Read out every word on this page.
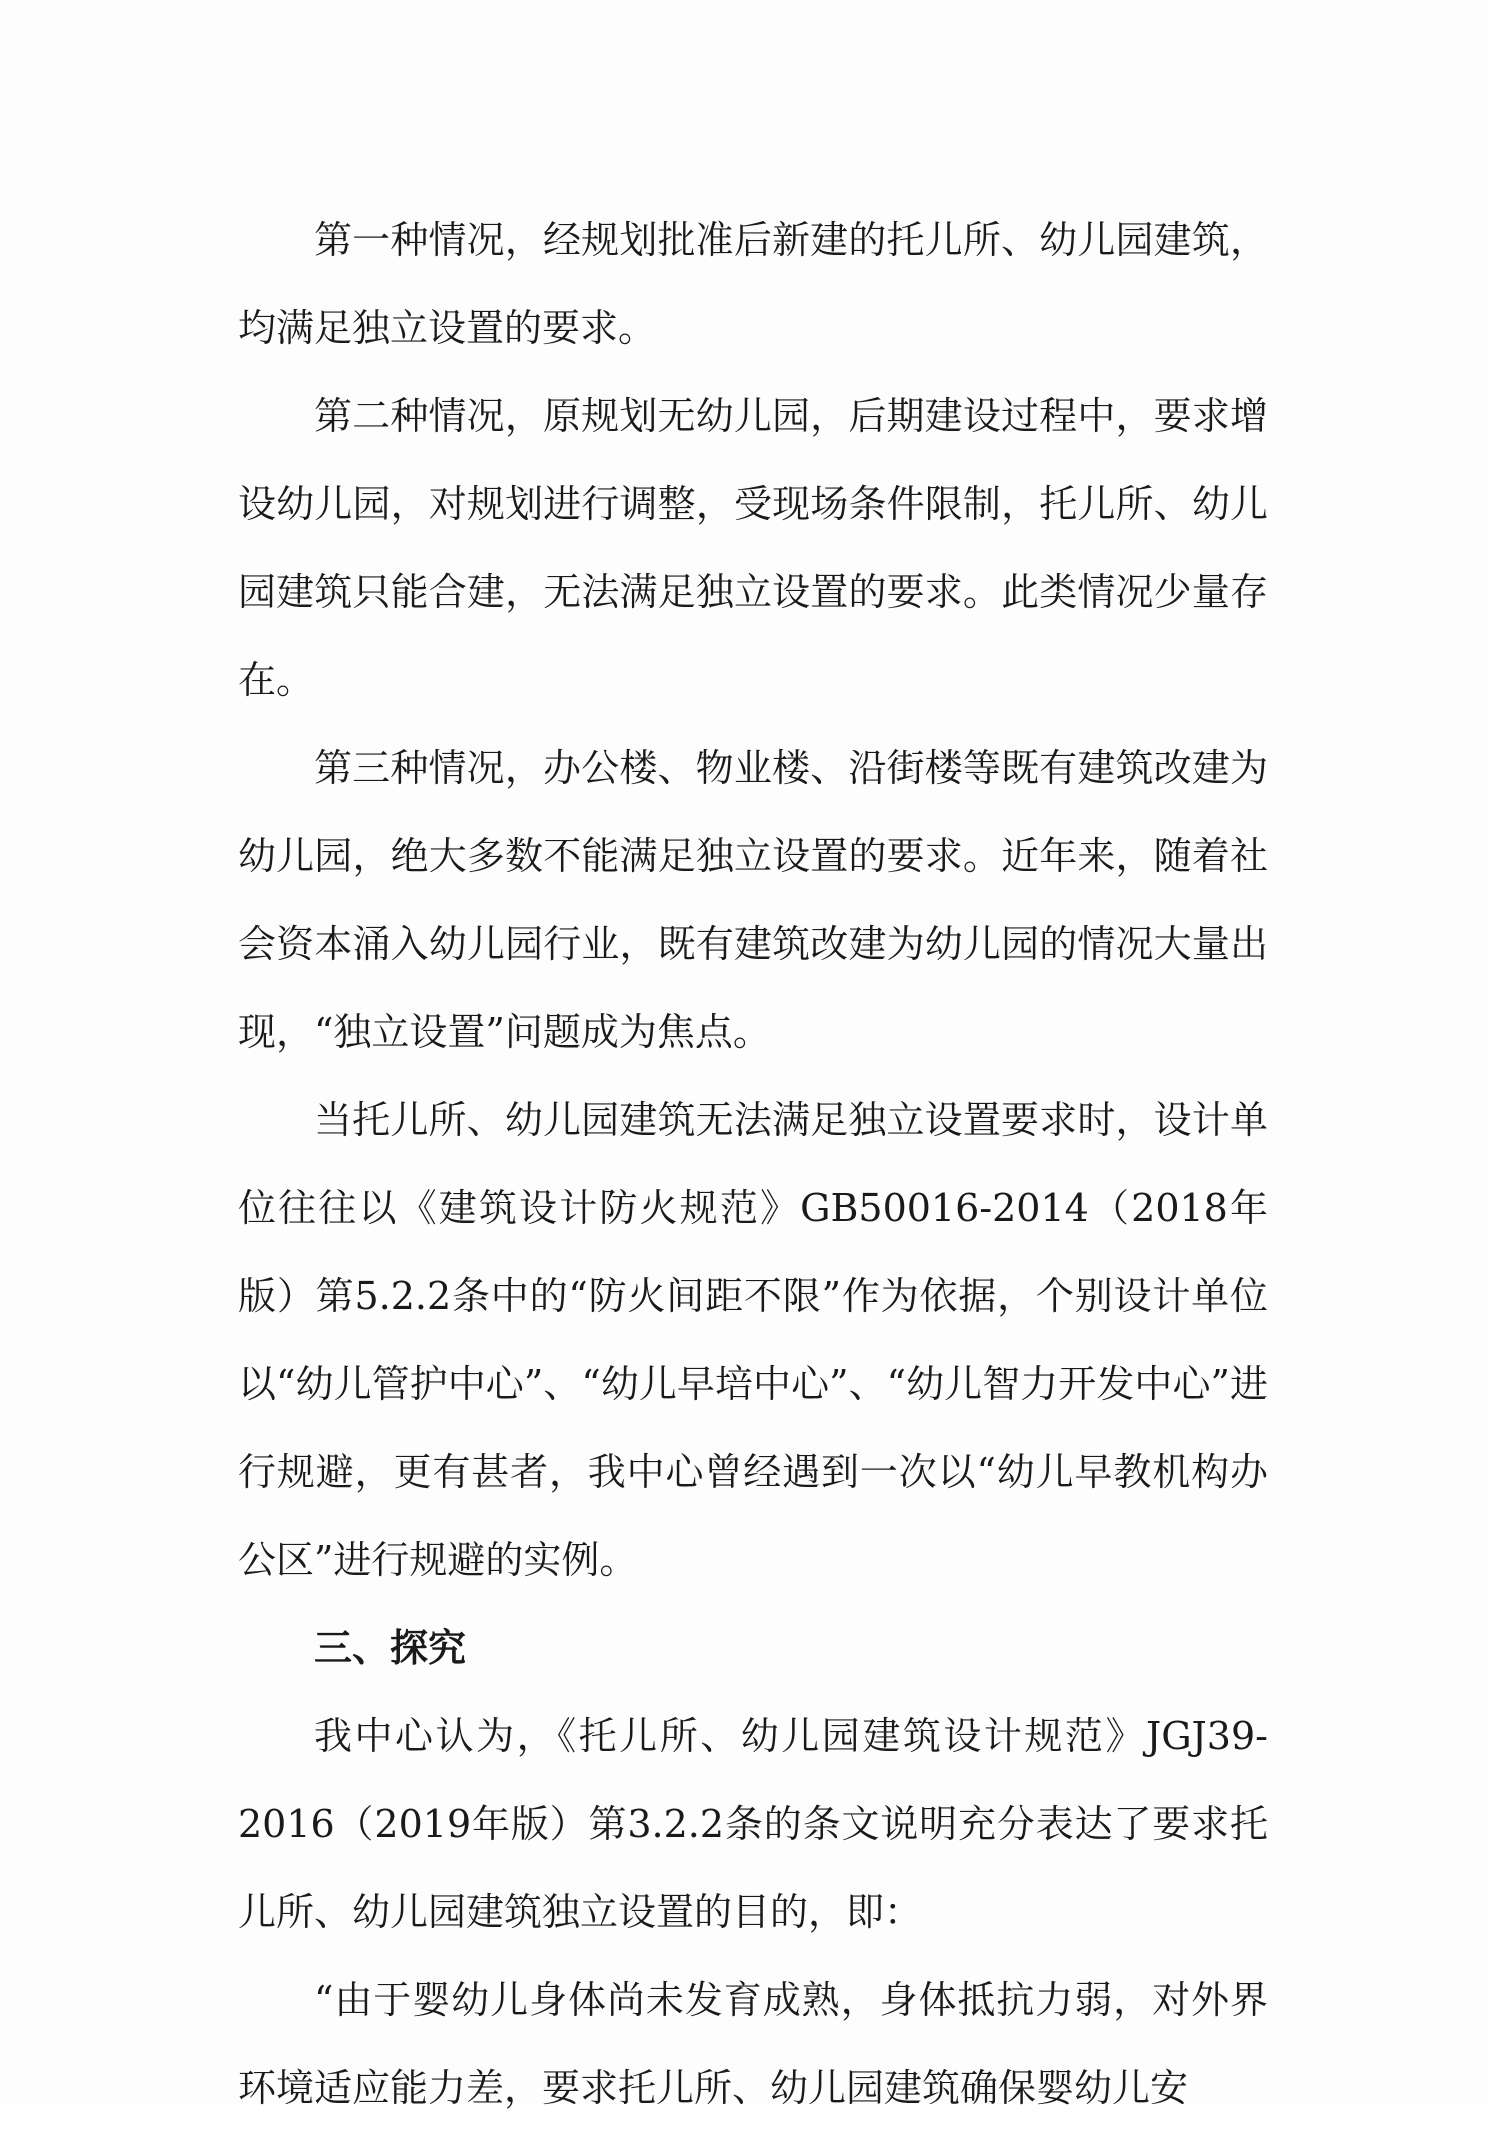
第一种情况，经规划批准后新建的托儿所、幼儿园建筑，均满足独立设置的要求。

第二种情况，原规划无幼儿园，后期建设过程中，要求增设幼儿园，对规划进行调整，受现场条件限制，托儿所、幼儿园建筑只能合建，无法满足独立设置的要求。此类情况少量存在。

第三种情况，办公楼、物业楼、沿街楼等既有建筑改建为幼儿园，绝大多数不能满足独立设置的要求。近年来，随着社会资本涌入幼儿园行业，既有建筑改建为幼儿园的情况大量出现，“独立设置”问题成为焦点。

当托儿所、幼儿园建筑无法满足独立设置要求时，设计单位往往以《建筑设计防火规范》GB50016-2014（2018年版）第5.2.2条中的“防火间距不限”作为依据，个别设计单位以“幼儿管护中心”、“幼儿早培中心”、“幼儿智力开发中心”进行规避，更有甚者，我中心曾经遇到一次以“幼儿早教机构办公区”进行规避的实例。

三、探究

我中心认为，《托儿所、幼儿园建筑设计规范》JGJ39-2016（2019年版）第3.2.2条的条文说明充分表达了要求托儿所、幼儿园建筑独立设置的目的，即：

“由于婴幼儿身体尚未发育成熟，身体抵抗力弱，对外界环境适应能力差，要求托儿所、幼儿园建筑确保婴幼儿安
